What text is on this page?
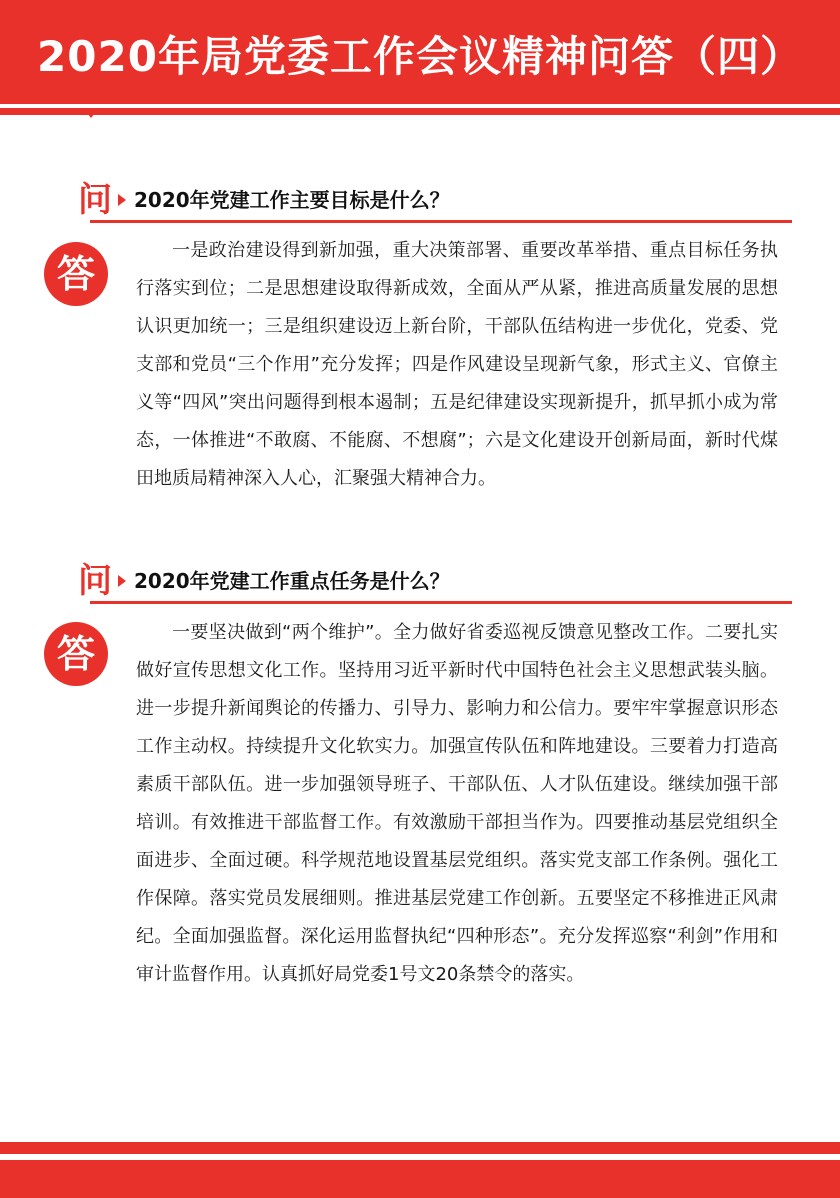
2020年局党委工作会议精神问答（四）
问 2020年党建工作主要目标是什么？
答

一是政治建设得到新加强，重大决策部署、重要改革举措、重点目标任务执行落实到位；二是思想建设取得新成效，全面从严从紧，推进高质量发展的思想认识更加统一；三是组织建设迈上新台阶，干部队伍结构进一步优化，党委、党支部和党员“三个作用”充分发挥；四是作风建设呈现新气象，形式主义、官僚主义等“四风”突出问题得到根本遏制；五是纪律建设实现新提升，抓早抓小成为常态，一体推进“不敢腐、不能腐、不想腐”；六是文化建设开创新局面，新时代煤田地质局精神深入人心，汇聚强大精神合力。

问 2020年党建工作重点任务是什么？
答	一要坚决做到“两个维护”。全力做好省委巡视反馈意见整改工作。二要扎实做好宣传思想文化工作。坚持用习近平新时代中国特色社会主义思想武装头脑。进一步提升新闻舆论的传播力、引导力、影响力和公信力。要牢牢掌握意识形态工作主动权。持续提升文化软实力。加强宣传队伍和阵地建设。三要着力打造高素质干部队伍。进一步加强领导班子、干部队伍、人才队伍建设。继续加强干部培训。有效推进干部监督工作。有效激励干部担当作为。四要推动基层党组织全面进步、全面过硬。科学规范地设置基层党组织。落实党支部工作条例。强化工作保障。落实党员发展细则。推进基层党建工作创新。五要坚定不移推进正风肃纪。全面加强监督。深化运用监督执纪“四种形态”。充分发挥巡察“利剑”作用和审计监督作用。认真抓好局党委1号文20条禁令的落实。
